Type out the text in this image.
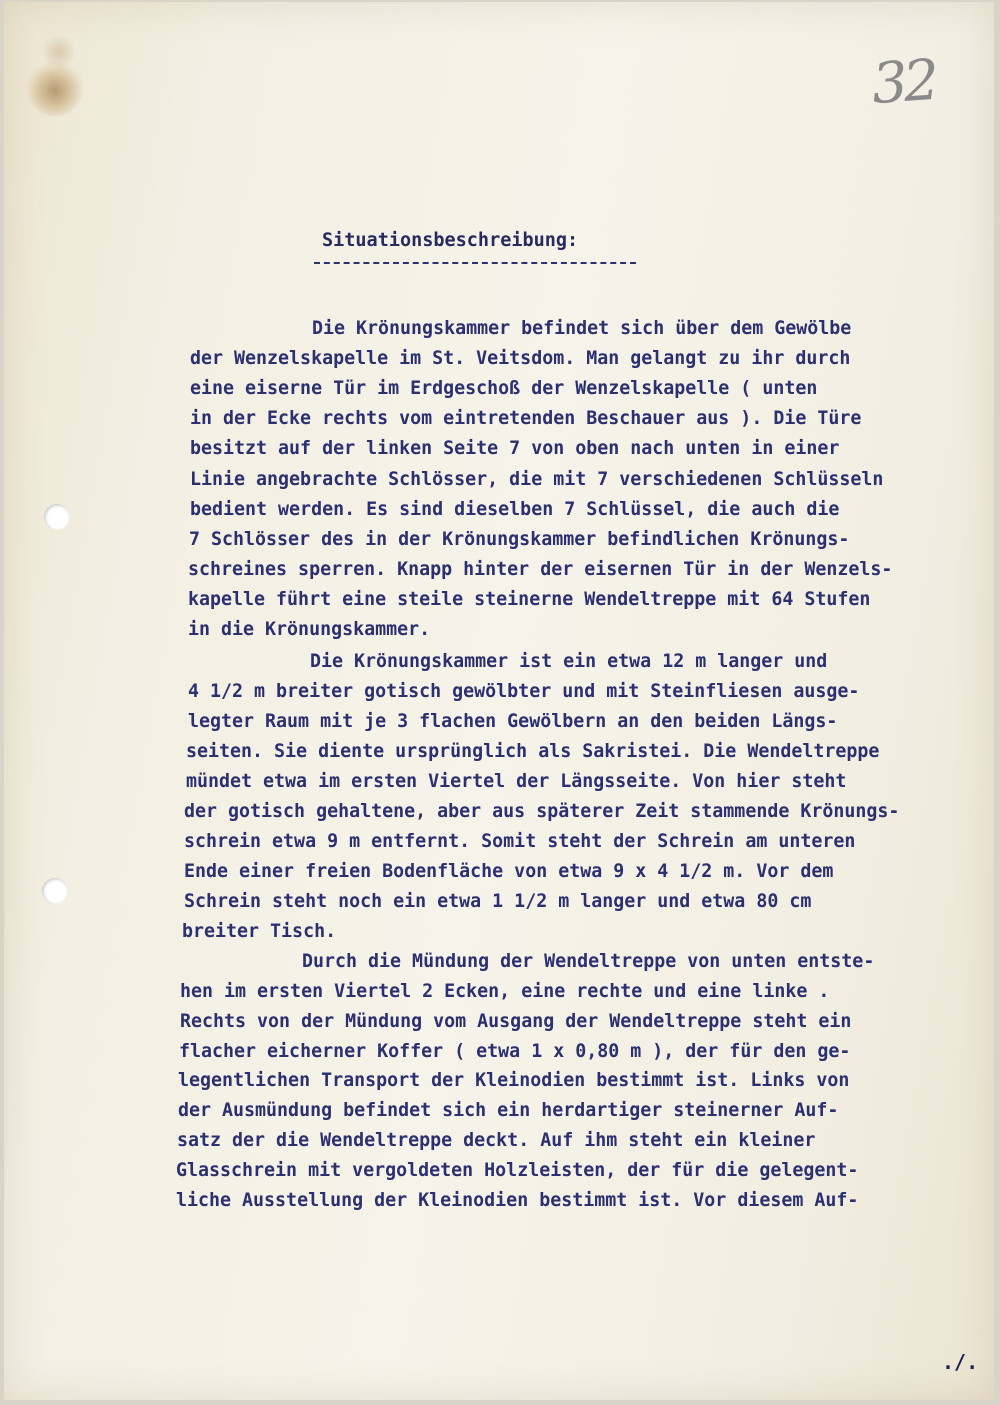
32
Situationsbeschreibung:
Die Krönungskammer befindet sich über dem Gewölbe
der Wenzelskapelle im St. Veitsdom. Man gelangt zu ihr durch
eine eiserne Tür im Erdgeschoß der Wenzelskapelle ( unten
in der Ecke rechts vom eintretenden Beschauer aus ). Die Türe
besitzt auf der linken Seite 7 von oben nach unten in einer
Linie angebrachte Schlösser, die mit 7 verschiedenen Schlüsseln
bedient werden. Es sind dieselben 7 Schlüssel, die auch die
7 Schlösser des in der Krönungskammer befindlichen Krönungs-
schreines sperren. Knapp hinter der eisernen Tür in der Wenzels-
kapelle führt eine steile steinerne Wendeltreppe mit 64 Stufen
in die Krönungskammer.
Die Krönungskammer ist ein etwa 12 m langer und
4 1/2 m breiter gotisch gewölbter und mit Steinfliesen ausge-
legter Raum mit je 3 flachen Gewölbern an den beiden Längs-
seiten. Sie diente ursprünglich als Sakristei. Die Wendeltreppe
mündet etwa im ersten Viertel der Längsseite. Von hier steht
der gotisch gehaltene, aber aus späterer Zeit stammende Krönungs-
schrein etwa 9 m entfernt. Somit steht der Schrein am unteren
Ende einer freien Bodenfläche von etwa 9 x 4 1/2 m. Vor dem
Schrein steht noch ein etwa 1 1/2 m langer und etwa 80 cm
breiter Tisch.
Durch die Mündung der Wendeltreppe von unten entste-
hen im ersten Viertel 2 Ecken, eine rechte und eine linke .
Rechts von der Mündung vom Ausgang der Wendeltreppe steht ein
flacher eicherner Koffer ( etwa 1 x 0,80 m ), der für den ge-
legentlichen Transport der Kleinodien bestimmt ist. Links von
der Ausmündung befindet sich ein herdartiger steinerner Auf-
satz der die Wendeltreppe deckt. Auf ihm steht ein kleiner
Glasschrein mit vergoldeten Holzleisten, der für die gelegent-
liche Ausstellung der Kleinodien bestimmt ist. Vor diesem Auf-
./.
